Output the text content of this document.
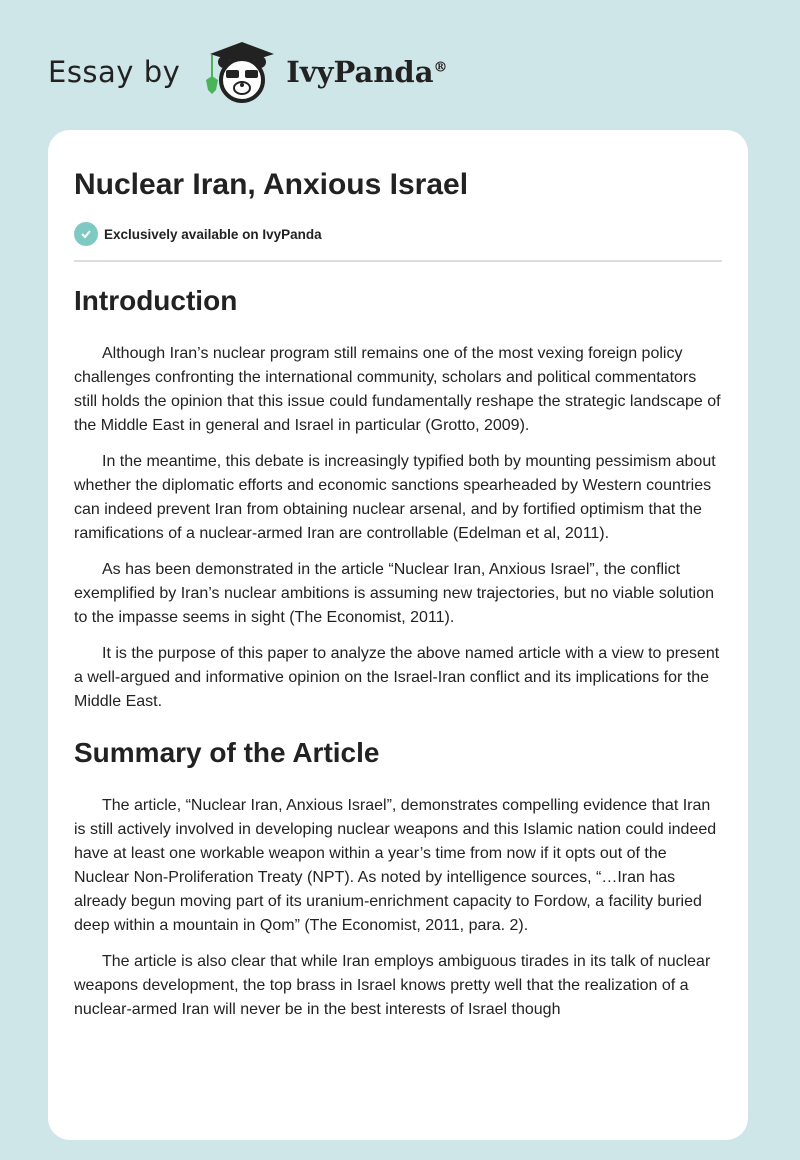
Essay by	IvyPanda®
Nuclear Iran, Anxious Israel
Exclusively available on IvyPanda
Introduction

Although Iran’s nuclear program still remains one of the most vexing foreign policy challenges confronting the international community, scholars and political commentators still holds the opinion that this issue could fundamentally reshape the strategic landscape of the Middle East in general and Israel in particular (Grotto, 2009).

In the meantime, this debate is increasingly typified both by mounting pessimism about whether the diplomatic efforts and economic sanctions spearheaded by Western countries can indeed prevent Iran from obtaining nuclear arsenal, and by fortified optimism that the ramifications of a nuclear-armed Iran are controllable (Edelman et al, 2011).

As has been demonstrated in the article “Nuclear Iran, Anxious Israel”, the conflict exemplified by Iran’s nuclear ambitions is assuming new trajectories, but no viable solution to the impasse seems in sight (The Economist, 2011).

It is the purpose of this paper to analyze the above named article with a view to present a well-argued and informative opinion on the Israel-Iran conflict and its implications for the Middle East.

Summary of the Article

The article, “Nuclear Iran, Anxious Israel”, demonstrates compelling evidence that Iran is still actively involved in developing nuclear weapons and this Islamic nation could indeed have at least one workable weapon within a year’s time from now if it opts out of the Nuclear Non-Proliferation Treaty (NPT). As noted by intelligence sources, “…Iran has already begun moving part of its uranium-enrichment capacity to Fordow, a facility buried deep within a mountain in Qom” (The Economist, 2011, para. 2).

The article is also clear that while Iran employs ambiguous tirades in its talk of nuclear weapons development, the top brass in Israel knows pretty well that the realization of a nuclear-armed Iran will never be in the best interests of Israel though
